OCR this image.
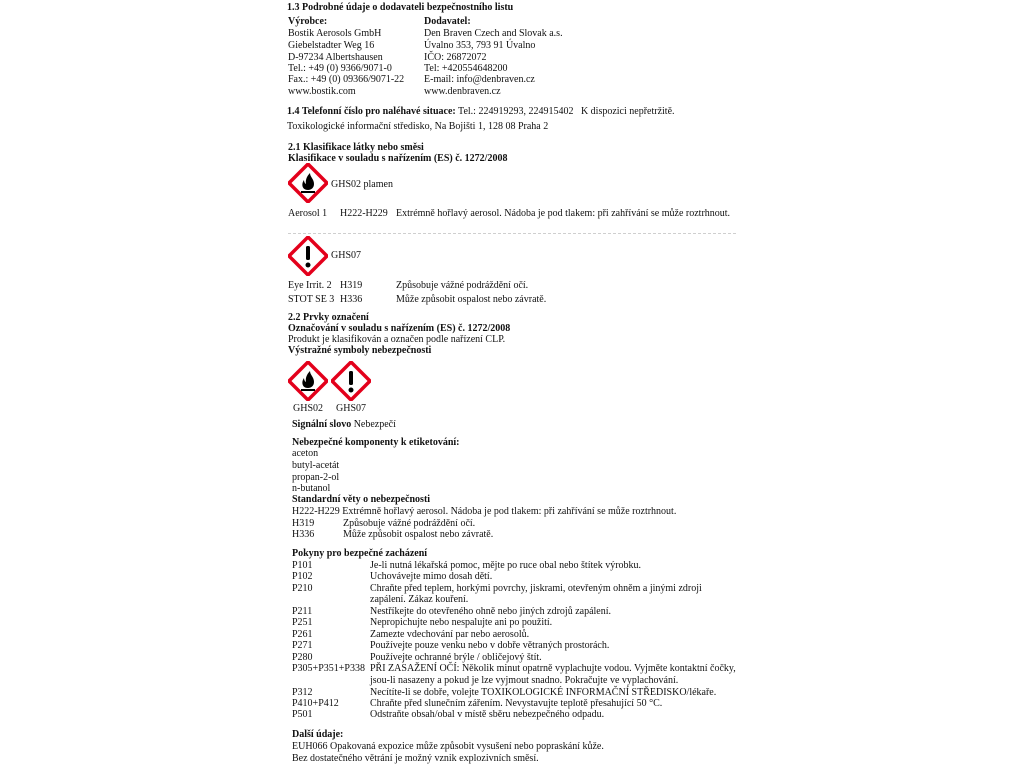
1.3 Podrobné údaje o dodavateli bezpečnostního listu
Výrobce:
Bostik Aerosols GmbH
Giebelstadter Weg 16
D-97234 Albertshausen
Tel.: +49 (0) 9366/9071-0
Fax.: +49 (0) 09366/9071-22
www.bostik.com
Dodavatel:
Den Braven Czech and Slovak a.s.
Úvalno 353, 793 91 Úvalno
IČO: 26872072
Tel: +420554648200
E-mail: info@denbraven.cz
www.denbraven.cz
1.4 Telefonní číslo pro naléhavé situace: Tel.: 224919293, 224915402 K dispozici nepřetržitě.
Toxikologické informační středisko, Na Bojišti 1, 128 08 Praha 2
2.1 Klasifikace látky nebo směsi
Klasifikace v souladu s nařízením (ES) č. 1272/2008
GHS02 plamen
Aerosol 1 H222-H229 Extrémně hořlavý aerosol. Nádoba je pod tlakem: při zahřívání se může roztrhnout.
GHS07
Eye Irrit. 2 H319	Způsobuje vážné podráždění očí.
STOT SE 3 H336	Může způsobit ospalost nebo závratě.
2.2 Prvky označení
Označování v souladu s nařízením (ES) č. 1272/2008
Produkt je klasifikován a označen podle nařízení CLP.
Výstražné symboly nebezpečnosti
GHS02 GHS07
Signální slovo Nebezpečí
Nebezpečné komponenty k etiketování:
aceton
butyl-acetát
propan-2-ol
n-butanol
Standardní věty o nebezpečnosti
H222-H229 Extrémně hořlavý aerosol. Nádoba je pod tlakem: při zahřívání se může roztrhnout.
H319	Způsobuje vážné podráždění očí.
H336	Může způsobit ospalost nebo závratě.
Pokyny pro bezpečné zacházení
P101	Je-li nutná lékařská pomoc, mějte po ruce obal nebo štítek výrobku.
P102	Uchovávejte mimo dosah dětí.
P210	Chraňte před teplem, horkými povrchy, jiskrami, otevřeným ohněm a jinými zdroji
zapálení. Zákaz kouření.
P211	Nestříkejte do otevřeného ohně nebo jiných zdrojů zapálení.
P251	Nepropichujte nebo nespalujte ani po použití.
P261	Zamezte vdechování par nebo aerosolů.
P271	Používejte pouze venku nebo v dobře větraných prostorách.
P280	Používejte ochranné brýle / obličejový štít.
P305+P351+P338 PŘI ZASAŽENÍ OČÍ: Několik minut opatrně vyplachujte vodou. Vyjměte kontaktní čočky,
jsou-li nasazeny a pokud je lze vyjmout snadno. Pokračujte ve vyplachování.
P312	Necítíte-li se dobře, volejte TOXIKOLOGICKÉ INFORMAČNÍ STŘEDISKO/lékaře.
P410+P412	Chraňte před slunečním zářením. Nevystavujte teplotě přesahující 50 °C.
P501	Odstraňte obsah/obal v místě sběru nebezpečného odpadu.
Další údaje:
EUH066 Opakovaná expozice může způsobit vysušení nebo popraskání kůže.
Bez dostatečného větrání je možný vznik explozivních směsí.
